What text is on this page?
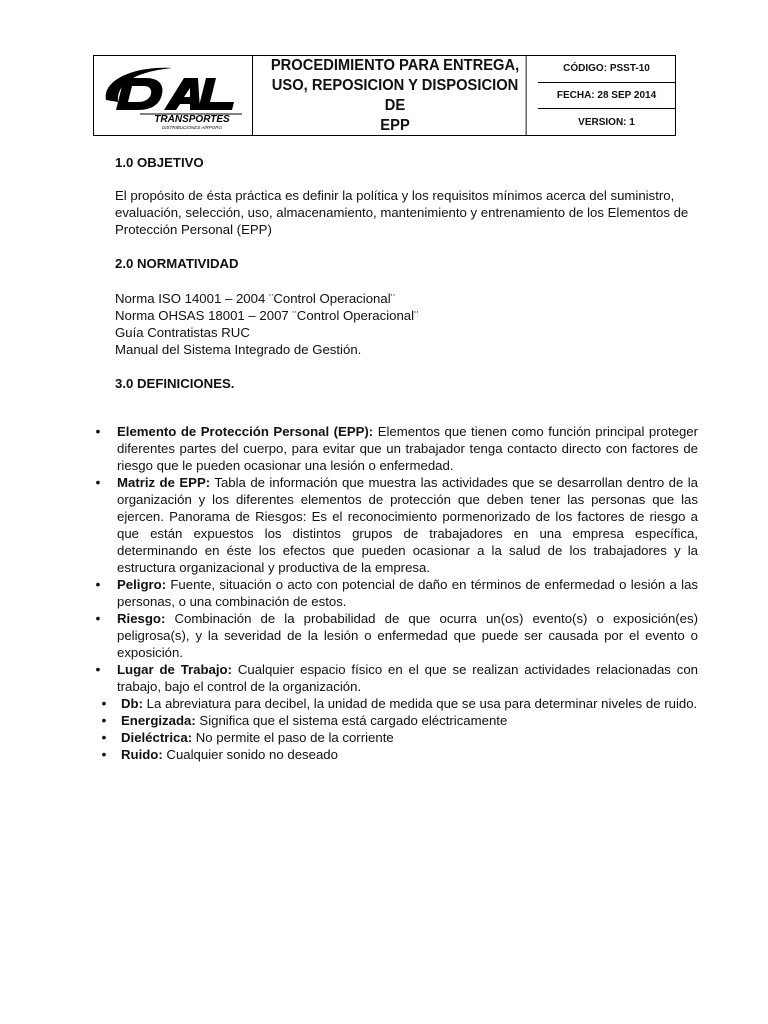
TRANSPORTES
DISTRIBUCIONES AIRPORO
PROCEDIMIENTO PARA ENTREGA,
USO, REPOSICION Y DISPOSICION DE
EPP
CÓDIGO: PSST-10
FECHA: 28 SEP 2014
VERSION: 1

1.0 OBJETIVO

El propósito de ésta práctica es definir la política y los requisitos mínimos acerca del suministro, evaluación, selección, uso, almacenamiento, mantenimiento y entrenamiento de los Elementos de Protección Personal (EPP)

2.0 NORMATIVIDAD

Norma ISO 14001 – 2004 ¨Control Operacional¨

Norma OHSAS 18001 – 2007 ¨Control Operacional¨

Guía Contratistas RUC

Manual del Sistema Integrado de Gestión.

3.0 DEFINICIONES.

• Elemento de Protección Personal (EPP): Elementos que tienen como función principal proteger diferentes partes del cuerpo, para evitar que un trabajador tenga contacto directo con factores de riesgo que le pueden ocasionar una lesión o enfermedad.

• Matriz de EPP: Tabla de información que muestra las actividades que se desarrollan dentro de la organización y los diferentes elementos de protección que deben tener las personas que las ejercen. Panorama de Riesgos: Es el reconocimiento pormenorizado de los factores de riesgo a que están expuestos los distintos grupos de trabajadores en una empresa específica, determinando en éste los efectos que pueden ocasionar a la salud de los trabajadores y la estructura organizacional y productiva de la empresa.

• Peligro: Fuente, situación o acto con potencial de daño en términos de enfermedad o lesión a las personas, o una combinación de estos.

• Riesgo: Combinación de la probabilidad de que ocurra un(os) evento(s) o exposición(es) peligrosa(s), y la severidad de la lesión o enfermedad que puede ser causada por el evento o exposición.

• Lugar de Trabajo: Cualquier espacio físico en el que se realizan actividades relacionadas con trabajo, bajo el control de la organización.

• Db: La abreviatura para decibel, la unidad de medida que se usa para determinar niveles de ruido.

• Energizada: Significa que el sistema está cargado eléctricamente

• Dieléctrica: No permite el paso de la corriente

• Ruido: Cualquier sonido no deseado
